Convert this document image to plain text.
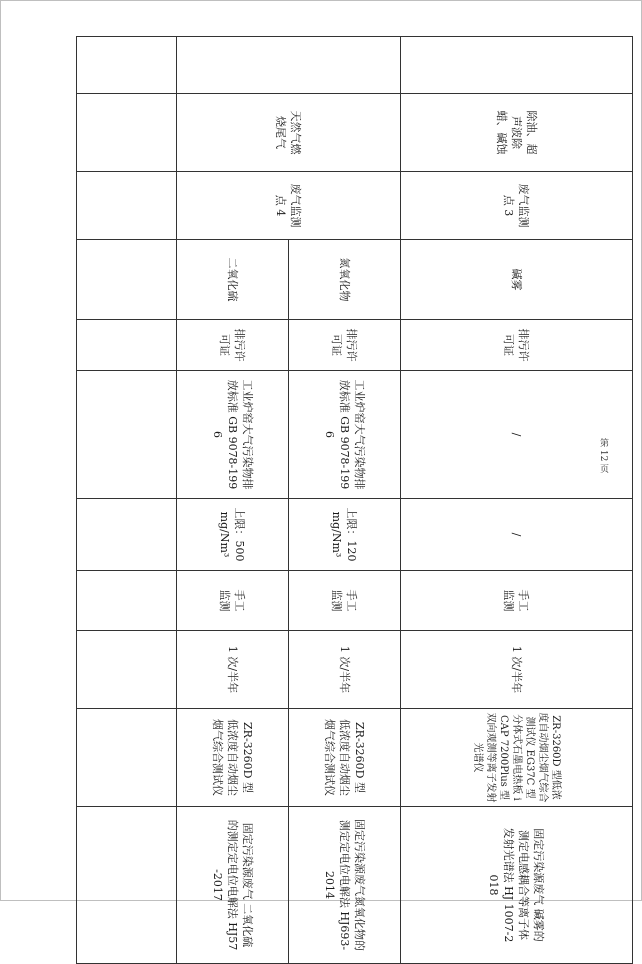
	除油、超声波除蜡、碱蚀	废气监测点 3	碱雾	排污许可证	/	/	手工监测	1 次/半年	ZR-3260D 型低浓度自动烟尘烟气综合测试仪 EG37C 型分体式石墨电热板 iCAP 7200Plus 型双向观测等离子发射光谱仪	固定污染源废气 碱雾的测定电感耦合等离子体发射光谱法 HJ 1007-2018

	天然气燃烧尾气	废气监测点 4	氮氧化物	排污许可证	工业炉窑大气污染物排放标准 GB 9078-1996	上限：120mg/Nm³	手工监测	1 次/半年	ZR-3260D 型低浓度自动烟尘烟气综合测试仪	固定污染源废气氮氧化物的测定定电位电解法 HJ693-2014

			二氧化硫	排污许可证	工业炉窑大气污染物排放标准 GB 9078-1996	上限：500mg/Nm³	手工监测	1 次/半年	ZR-3260D 型低浓度自动烟尘烟气综合测试仪	固定污染源废气 二氧化硫的测定定电位电解法 HJ57-2017

第 12 页
